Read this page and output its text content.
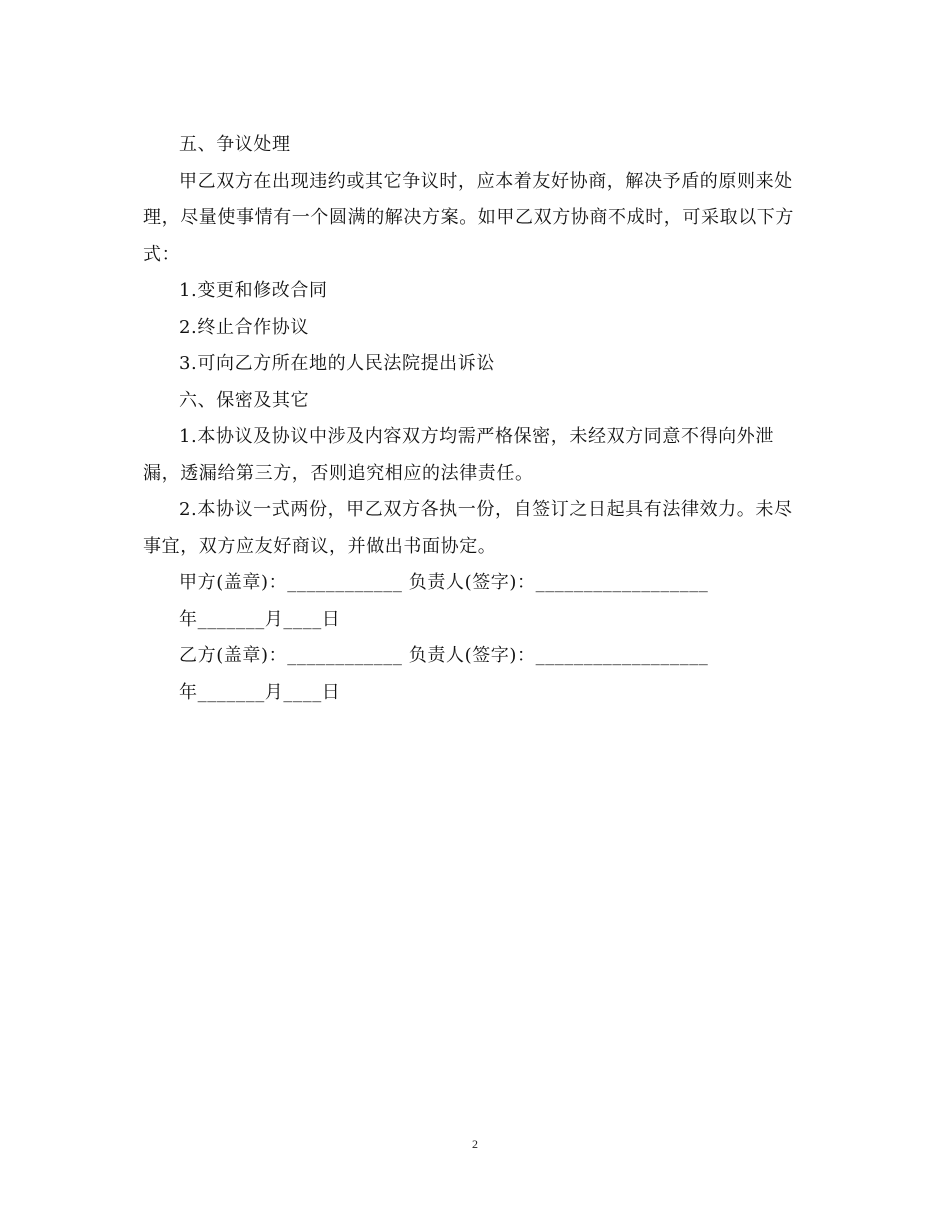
五、争议处理

甲乙双方在出现违约或其它争议时，应本着友好协商，解决予盾的原则来处理，尽量使事情有一个圆满的解决方案。如甲乙双方协商不成时，可采取以下方式：

1.变更和修改合同

2.终止合作协议

3.可向乙方所在地的人民法院提出诉讼

六、保密及其它

1.本协议及协议中涉及内容双方均需严格保密，未经双方同意不得向外泄漏，透漏给第三方，否则追究相应的法律责任。

2.本协议一式两份，甲乙双方各执一份，自签订之日起具有法律效力。未尽事宜，双方应友好商议，并做出书面协定。

甲方(盖章)：____________ 负责人(签字)：__________________

年_______月____日

乙方(盖章)：____________ 负责人(签字)：__________________

年_______月____日

2
